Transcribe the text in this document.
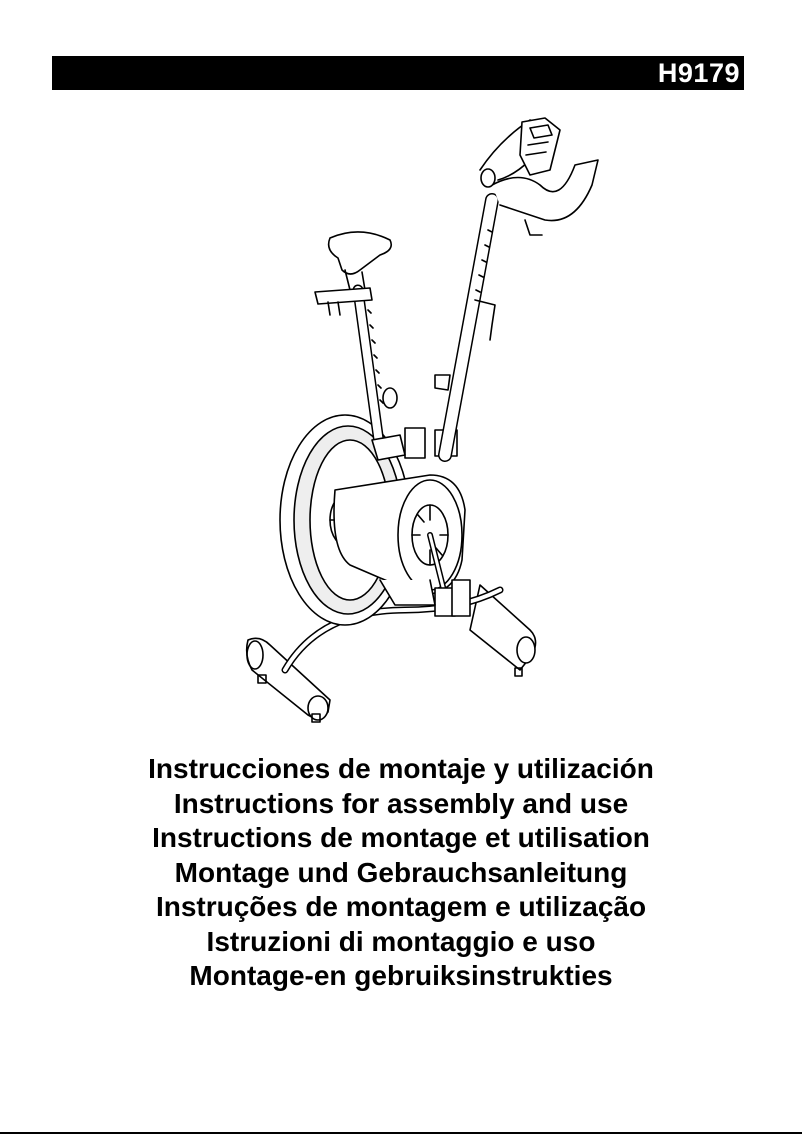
H9179
Instrucciones de montaje y utilización
Instructions for assembly and use
Instructions de montage et utilisation
Montage und Gebrauchsanleitung
Instruções de montagem e utilização
Istruzioni di montaggio e uso
Montage-en gebruiksinstrukties
